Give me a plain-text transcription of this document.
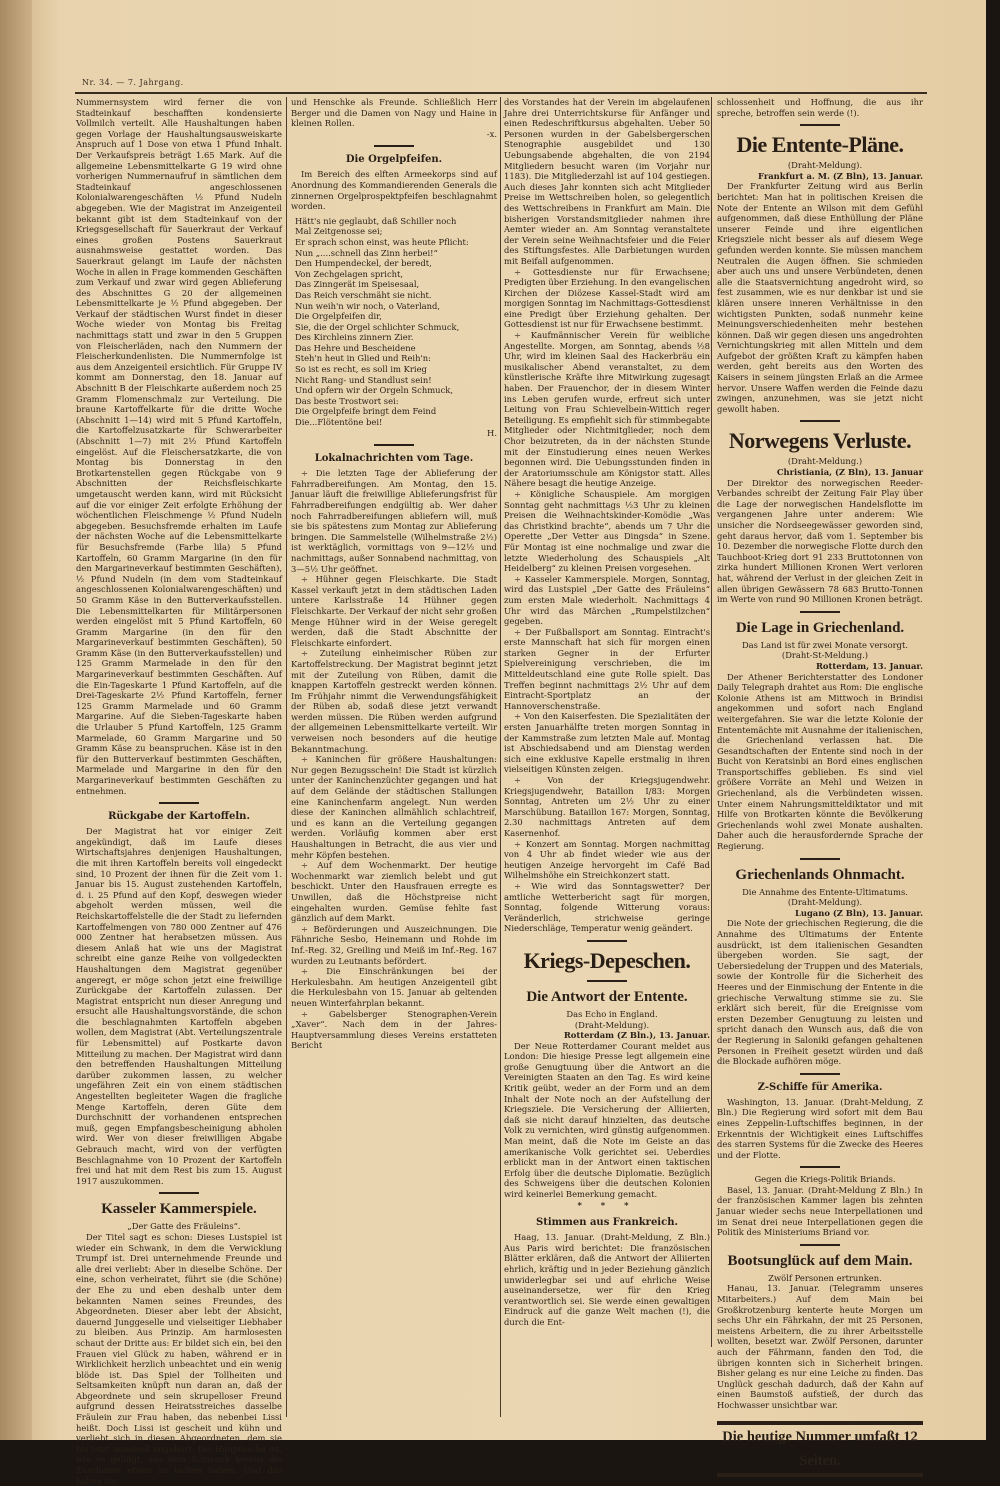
Nr. 34. — 7. Jahrgang.

Nummernsystem wird ferner die von Stadteinkauf beschafften kondensierte Vollmilch verteilt. Alle Haushaltungen haben gegen Vorlage der Haushaltungsausweiskarte Anspruch auf 1 Dose von etwa 1 Pfund Inhalt. Der Verkaufspreis beträgt 1.65 Mark. Auf die allgemeine Lebensmittelkarte G 19 wird ohne vorherigen Nummernaufruf in sämtlichen dem Stadteinkauf angeschlossenen Kolonialwarengeschäften ½ Pfund Nudeln abgegeben. Wie der Magistrat im Anzeigenteil bekannt gibt ist dem Stadteinkauf von der Kriegsgesellschaft für Sauerkraut der Verkauf eines großen Postens Sauerkraut ausnahmsweise gestattet worden. Das Sauerkraut gelangt im Laufe der nächsten Woche in allen in Frage kommenden Geschäften zum Verkauf und zwar wird gegen Ablieferung des Abschnittes G 20 der allgemeinen Lebensmittelkarte je ½ Pfund abgegeben. Der Verkauf der städtischen Wurst findet in dieser Woche wieder von Montag bis Freitag nachmittags statt und zwar in den 5 Gruppen von Fleischerläden, nach den Nummern der Fleischerkundenlisten. Die Nummernfolge ist aus dem Anzeigenteil ersichtlich. Für Gruppe IV kommt am Donnerstag, den 18. Januar auf Abschnitt B der Fleischkarte außerdem noch 25 Gramm Flomenschmalz zur Verteilung. Die braune Kartoffelkarte für die dritte Woche (Abschnitt 1—14) wird mit 5 Pfund Kartoffeln, die Kartoffelzusatzkarte für Schwerarbeiter (Abschnitt 1—7) mit 2½ Pfund Kartoffeln eingelöst. Auf die Fleischersatzkarte, die von Montag bis Donnerstag in den Brotkartenstellen gegen Rückgabe von 9 Abschnitten der Reichsfleischkarte umgetauscht werden kann, wird mit Rücksicht auf die vor einiger Zeit erfolgte Erhöhung der wöchentlichen Fleischmenge ½ Pfund Nudeln abgegeben. Besuchsfremde erhalten im Laufe der nächsten Woche auf die Lebensmittelkarte für Besuchsfremde (Farbe lila) 5 Pfund Kartoffeln, 60 Gramm Margarine (in den für den Margarineverkauf bestimmten Geschäften), ½ Pfund Nudeln (in dem vom Stadteinkauf angeschlossenen Kolonialwarengeschäften) und 50 Gramm Käse in den Butterverkaufsstellen. Die Lebensmittelkarten für Militärpersonen werden eingelöst mit 5 Pfund Kartoffeln, 60 Gramm Margarine (in den für den Margarineverkauf bestimmten Geschäften), 50 Gramm Käse (in den Butterverkaufsstellen) und 125 Gramm Marmelade in den für den Margarineverkauf bestimmten Geschäften. Auf die Ein-Tageskarte 1 Pfund Kartoffeln, auf die Drei-Tageskarte 2½ Pfund Kartoffeln, ferner 125 Gramm Marmelade und 60 Gramm Margarine. Auf die Sieben-Tageskarte haben die Urlauber 5 Pfund Kartoffeln, 125 Gramm Marmelade, 60 Gramm Margarine und 50 Gramm Käse zu beanspruchen. Käse ist in den für den Butterverkauf bestimmten Geschäften, Marmelade und Margarine in den für den Margarineverkauf bestimmten Geschäften zu entnehmen.

Rückgabe der Kartoffeln.

Der Magistrat hat vor einiger Zeit angekündigt, daß im Laufe dieses Wirtschaftsjahres denjenigen Haushaltungen, die mit ihren Kartoffeln bereits voll eingedeckt sind, 10 Prozent der ihnen für die Zeit vom 1. Januar bis 15. August zustehenden Kartoffeln, d. i. 25 Pfund auf den Kopf, deswegen wieder abgeholt werden müssen, weil die Reichskartoffelstelle die der Stadt zu liefernden Kartoffelmengen von 780 000 Zentner auf 476 000 Zentner hat herabsetzen müssen. Aus diesem Anlaß hat wie uns der Magistrat schreibt eine ganze Reihe von vollgedeckten Haushaltungen dem Magistrat gegenüber angeregt, er möge schon jetzt eine freiwillige Zurückgabe der Kartoffeln zulassen. Der Magistrat entspricht nun dieser Anregung und ersucht alle Haushaltungsvorstände, die schon die beschlagnahmten Kartoffeln abgeben wollen, dem Magistrat (Abt. Verteilungszentrale für Lebensmittel) auf Postkarte davon Mitteilung zu machen. Der Magistrat wird dann den betreffenden Haushaltungen Mitteilung darüber zukommen lassen, zu welcher ungefähren Zeit ein von einem städtischen Angestellten begleiteter Wagen die fragliche Menge Kartoffeln, deren Güte dem Durchschnitt der vorhandenen entsprechen muß, gegen Empfangsbescheinigung abholen wird. Wer von dieser freiwilligen Abgabe Gebrauch macht, wird von der verfügten Beschlagnahme von 10 Prozent der Kartoffeln frei und hat mit dem Rest bis zum 15. August 1917 auszukommen.

Kasseler Kammerspiele.

„Der Gatte des Fräuleins“.

Der Titel sagt es schon: Dieses Lustspiel ist wieder ein Schwank, in dem die Verwicklung Trumpf ist. Drei unternehmende Freunde und alle drei verliebt: Aber in dieselbe Schöne. Der eine, schon verheiratet, führt sie (die Schöne) der Ehe zu und eben deshalb unter dem bekannten Namen seines Freundes, des Abgeordneten. Dieser aber lebt der Absicht, dauernd Junggeselle und vielseitiger Liebhaber zu bleiben. Aus Prinzip. Am harmlosesten schaut der Dritte aus: Er bildet sich ein, bei den Frauen viel Glück zu haben, während er in Wirklichkeit herzlich unbeachtet und ein wenig blöde ist. Das Spiel der Tollheiten und Seltsamkeiten knüpft nun daran an, daß der Abgeordnete und sein skrupelloser Freund aufgrund dessen Heiratsstreiches dasselbe Fräulein zur Frau haben, das nebenbei Lissi heißt. Doch Lissi ist gescheit und kühn und verliebt sich in diesen Abgeordneten, dem sie bis jetzt nominell angehört. Die Hauptsache ist, wie es gelingt, aus dem Schwank heraus die Zuschauer etwas zu lachen haben. Und das haben sie.

und Henschke als Freunde. Schließlich Herr Berger und die Damen von Nagy und Haine in kleinen Rollen.

-x.
Die Orgelpfeifen.

Im Bereich des elften Armeekorps sind auf Anordnung des Kommandierenden Generals die zinnernen Orgelprospektpfeifen beschlagnahmt worden.

Hätt's nie geglaubt, daß Schiller noch
Mal Zeitgenosse sei;
Er sprach schon einst, was heute Pflicht:
Nun „....schnell das Zinn herbei!“
Den Humpendeckel, der beredt,
Von Zechgelagen spricht,
Das Zinngerät im Speisesaal,
Das Reich verschmäht sie nicht.
Nun weih'n wir noch, o Vaterland,
Die Orgelpfeifen dir,
Sie, die der Orgel schlichter Schmuck,
Des Kirchleins zinnern Zier.
Das Hehre und Bescheidene
Steh'n heut in Glied und Reih'n:
So ist es recht, es soll im Krieg
Nicht Rang- und Standlust sein!
Und opfern wir der Orgeln Schmuck,
Das beste Trostwort sei:
Die Orgelpfeife bringt dem Feind
Die...Flötentöne bei!
H.
Lokalnachrichten vom Tage.

÷ Die letzten Tage der Ablieferung der Fahrradbereifungen. Am Montag, den 15. Januar läuft die freiwillige Ablieferungsfrist für Fahrradbereifungen endgültig ab. Wer daher noch Fahrradbereifungen abliefern will, muß sie bis spätestens zum Montag zur Ablieferung bringen. Die Sammelstelle (Wilhelmstraße 2½) ist werktäglich, vormittags von 9—12½ und nachmittags, außer Sonnabend nachmittag, von 3—5½ Uhr geöffnet.

÷ Hühner gegen Fleischkarte. Die Stadt Kassel verkauft jetzt in dem städtischen Laden untere Karlsstraße 14 Hühner gegen Fleischkarte. Der Verkauf der nicht sehr großen Menge Hühner wird in der Weise geregelt werden, daß die Stadt Abschnitte der Fleischkarte einfordert.

÷ Zuteilung einheimischer Rüben zur Kartoffelstreckung. Der Magistrat beginnt jetzt mit der Zuteilung von Rüben, damit die knappen Kartoffeln gestreckt werden können. Im Frühjahr nimmt die Verwendungsfähigkeit der Rüben ab, sodaß diese jetzt verwandt werden müssen. Die Rüben werden aufgrund der allgemeinen Lebensmittelkarte verteilt. Wir verweisen noch besonders auf die heutige Bekanntmachung.

÷ Kaninchen für größere Haushaltungen: Nur gegen Bezugsschein! Die Stadt ist kürzlich unter der Kaninchenzüchter gegangen und hat auf dem Gelände der städtischen Stallungen eine Kaninchenfarm angelegt. Nun werden diese der Kaninchen allmählich schlachtreif, und es kann an die Verteilung gegangen werden. Vorläufig kommen aber erst Haushaltungen in Betracht, die aus vier und mehr Köpfen bestehen.

÷ Auf dem Wochenmarkt. Der heutige Wochenmarkt war ziemlich belebt und gut beschickt. Unter den Hausfrauen erregte es Unwillen, daß die Höchstpreise nicht eingehalten wurden. Gemüse fehlte fast gänzlich auf dem Markt.

÷ Beförderungen und Auszeichnungen. Die Fähnriche Sesbo, Heinemann und Rohde im Inf.-Reg. 32, Greiling und Meiß im Inf.-Reg. 167 wurden zu Leutnants befördert.

÷ Die Einschränkungen bei der Herkulesbahn. Am heutigen Anzeigenteil gibt die Herkulesbahn von 15. Januar ab geltenden neuen Winterfahrplan bekannt.

÷ Gabelsberger Stenographen-Verein „Xaver“. Nach dem in der Jahres-Hauptversammlung dieses Vereins erstatteten Bericht

des Vorstandes hat der Verein im abgelaufenen Jahre drei Unterrichtskurse für Anfänger und einen Redeschriftkursus abgehalten. Ueber 50 Personen wurden in der Gabelsbergerschen Stenographie ausgebildet und 130 Uebungsabende abgehalten, die von 2194 Mitgliedern besucht waren (im Vorjahr nur 1183). Die Mitgliederzahl ist auf 104 gestiegen. Auch dieses Jahr konnten sich acht Mitglieder Preise im Wettschreiben holen, so gelegentlich des Wettschreibens in Frankfurt am Main. Die bisherigen Vorstandsmitglieder nahmen ihre Aemter wieder an. Am Sonntag veranstaltete der Verein seine Weihnachtsfeier und die Feier des Stiftungsfestes. Alle Darbietungen wurden mit Beifall aufgenommen.

÷ Gottesdienste nur für Erwachsene; Predigten über Erziehung. In den evangelischen Kirchen der Diözese Kassel-Stadt wird am morgigen Sonntag im Nachmittags-Gottesdienst eine Predigt über Erziehung gehalten. Der Gottesdienst ist nur für Erwachsene bestimmt.

÷ Kaufmännischer Verein für weibliche Angestellte. Morgen, am Sonntag, abends ½8 Uhr, wird im kleinen Saal des Hackerbräu ein musikalischer Abend veranstaltet, zu dem künstlerische Kräfte ihre Mitwirkung zugesagt haben. Der Frauenchor, der in diesem Winter ins Leben gerufen wurde, erfreut sich unter Leitung von Frau Schievelbein-Wittich reger Beteiligung. Es empfiehlt sich für stimmbegabte Mitglieder oder Nichtmitglieder, noch dem Chor beizutreten, da in der nächsten Stunde mit der Einstudierung eines neuen Werkes begonnen wird. Die Uebungsstunden finden in der Aratoriumsschule am Königstor statt. Alles Nähere besagt die heutige Anzeige.

÷ Königliche Schauspiele. Am morgigen Sonntag geht nachmittags ½3 Uhr zu kleinen Preisen die Weihnachtskinder-Komödie „Was das Christkind brachte“, abends um 7 Uhr die Operette „Der Vetter aus Dingsda“ in Szene. Für Montag ist eine nochmalige und zwar die letzte Wiederholung des Schauspiels „Alt Heidelberg“ zu kleinen Preisen vorgesehen.

÷ Kasseler Kammerspiele. Morgen, Sonntag, wird das Lustspiel „Der Gatte des Fräuleins“ zum ersten Male wiederholt. Nachmittags 4 Uhr wird das Märchen „Rumpelstilzchen“ gegeben.

÷ Der Fußballsport am Sonntag. Eintracht's erste Mannschaft hat sich für morgen einen starken Gegner in der Erfurter Spielvereinigung verschrieben, die im Mitteldeutschland eine gute Rolle spielt. Das Treffen beginnt nachmittags 2½ Uhr auf dem Eintracht-Sportplatz an der Hannoverschenstraße.

÷ Von den Kaiserfesten. Die Spezialitäten der ersten Januarhälfte treten morgen Sonntag in der Kammstraße zum letzten Male auf. Montag ist Abschiedsabend und am Dienstag werden sich eine exklusive Kapelle erstmalig in ihren vielseitigen Künsten zeigen.

÷ Von der Kriegsjugendwehr. Kriegsjugendwehr, Bataillon I/83: Morgen Sonntag, Antreten um 2½ Uhr zu einer Marschübung. Bataillon 167: Morgen, Sonntag, 2.30 nachmittags Antreten auf dem Kasernenhof.

÷ Konzert am Sonntag. Morgen nachmittag von 4 Uhr ab findet wieder wie aus der heutigen Anzeige hervorgeht im Café Bad Wilhelmshöhe ein Streichkonzert statt.

÷ Wie wird das Sonntagswetter? Der amtliche Wetterbericht sagt für morgen, Sonntag, folgende Witterung voraus: Veränderlich, strichweise geringe Niederschläge, Temperatur wenig geändert.

Kriegs-Depeschen.
Die Antwort der Entente.

Das Echo in England.

(Draht-Meldung).

Rotterdam (Z Bln.), 13. Januar.

Der Neue Rotterdamer Courant meldet aus London: Die hiesige Presse legt allgemein eine große Genugtuung über die Antwort an die Vereinigten Staaten an den Tag. Es wird keine Kritik geübt, weder an der Form und an dem Inhalt der Note noch an der Aufstellung der Kriegsziele. Die Versicherung der Alliierten, daß sie nicht darauf hinzielten, das deutsche Volk zu vernichten, wird günstig aufgenommen. Man meint, daß die Note im Geiste an das amerikanische Volk gerichtet sei. Ueberdies erblickt man in der Antwort einen taktischen Erfolg über die deutsche Diplomatie. Bezüglich des Schweigens über die deutschen Kolonien wird keinerlei Bemerkung gemacht.

* * *
Stimmen aus Frankreich.

Haag, 13. Januar. (Draht-Meldung, Z Bln.) Aus Paris wird berichtet: Die französischen Blätter erklären, daß die Antwort der Alliierten ehrlich, kräftig und in jeder Beziehung gänzlich unwiderlegbar sei und auf ehrliche Weise auseinandersetze, wer für den Krieg verantwortlich sei. Sie werde einen gewaltigen Eindruck auf die ganze Welt machen (!), die durch die Ent-

schlossenheit und Hoffnung, die aus ihr spreche, betroffen sein werde (!).

Die Entente-Pläne.

(Draht-Meldung).

Frankfurt a. M. (Z Bln), 13. Januar.

Der Frankfurter Zeitung wird aus Berlin berichtet: Man hat in politischen Kreisen die Note der Entente an Wilson mit dem Gefühl aufgenommen, daß diese Enthüllung der Pläne unserer Feinde und ihre eigentlichen Kriegsziele nicht besser als auf diesem Wege gefunden werden konnte. Sie müssen manchem Neutralen die Augen öffnen. Sie schmieden aber auch uns und unsere Verbündeten, denen alle die Staatsvernichtung angedroht wird, so fest zusammen, wie es nur denkbar ist und sie klären unsere inneren Verhältnisse in den wichtigsten Punkten, sodaß nunmehr keine Meinungsverschiedenheiten mehr bestehen können. Daß wir gegen diesen uns angedrohten Vernichtungskrieg mit allen Mitteln und dem Aufgebot der größten Kraft zu kämpfen haben werden, geht bereits aus den Worten des Kaisers in seinem jüngsten Erlaß an die Armee hervor. Unsere Waffen werden die Feinde dazu zwingen, anzunehmen, was sie jetzt nicht gewollt haben.

Norwegens Verluste.

(Draht-Meldung.)

Christiania, (Z Bln), 13. Januar

Der Direktor des norwegischen Reeder-Verbandes schreibt der Zeitung Fair Play über die Lage der norwegischen Handelsflotte im vergangenen Jahre unter anderem: Wie unsicher die Nordseegewässer geworden sind, geht daraus hervor, daß vom 1. September bis 10. Dezember die norwegische Flotte durch den Tauchboot-Krieg dort 91 233 Bruttotonnen von zirka hundert Millionen Kronen Wert verloren hat, während der Verlust in der gleichen Zeit in allen übrigen Gewässern 78 683 Brutto-Tonnen im Werte von rund 90 Millionen Kronen beträgt.

Die Lage in Griechenland.

Das Land ist für zwei Monate versorgt.

(Draht-St-Meldung.)

Rotterdam, 13. Januar.

Der Athener Berichterstatter des Londoner Daily Telegraph drahtet aus Rom: Die englische Kolonie Athens ist am Mittwoch in Brindisi angekommen und sofort nach England weitergefahren. Sie war die letzte Kolonie der Ententemächte mit Ausnahme der italienischen, die Griechenland verlassen hat. Die Gesandtschaften der Entente sind noch in der Bucht von Keratsinbi an Bord eines englischen Transportschiffes geblieben. Es sind viel größere Vorräte an Mehl und Weizen in Griechenland, als die Verbündeten wissen. Unter einem Nahrungsmitteldiktator und mit Hilfe von Brotkarten könnte die Bevölkerung Griechenlands wohl zwei Monate aushalten. Daher auch die herausfordernde Sprache der Regierung.

Griechenlands Ohnmacht.

Die Annahme des Entente-Ultimatums.

(Draht-Meldung).

Lugano (Z Bln), 13. Januar.

Die Note der griechischen Regierung, die die Annahme des Ultimatums der Entente ausdrückt, ist dem italienischen Gesandten übergeben worden. Sie sagt, der Uebersiedelung der Truppen und des Materials, sowie der Kontrolle für die Sicherheit des Heeres und der Einmischung der Entente in die griechische Verwaltung stimme sie zu. Sie erklärt sich bereit, für die Ereignisse vom ersten Dezember Genugtuung zu leisten und spricht danach den Wunsch aus, daß die von der Regierung in Saloniki gefangen gehaltenen Personen in Freiheit gesetzt würden und daß die Blockade aufhören möge.

Z-Schiffe für Amerika.

Washington, 13. Januar. (Draht-Meldung, Z Bln.) Die Regierung wird sofort mit dem Bau eines Zeppelin-Luftschiffes beginnen, in der Erkenntnis der Wichtigkeit eines Luftschiffes des starren Systems für die Zwecke des Heeres und der Flotte.

Gegen die Kriegs-Politik Briands.

Basel, 13. Januar. (Draht-Meldung Z Bln.) In der französischen Kammer lagen bis zehnten Januar wieder sechs neue Interpellationen und im Senat drei neue Interpellationen gegen die Politik des Ministeriums Briand vor.

Bootsunglück auf dem Main.

Zwölf Personen ertrunken.

Hanau, 13. Januar. (Telegramm unseres Mitarbeiters.) Auf dem Main bei Großkrotzenburg kenterte heute Morgen um sechs Uhr ein Fährkahn, der mit 25 Personen, meistens Arbeitern, die zu ihrer Arbeitsstelle wollten, besetzt war. Zwölf Personen, darunter auch der Fährmann, fanden den Tod, die übrigen konnten sich in Sicherheit bringen. Bisher gelang es nur eine Leiche zu finden. Das Unglück geschah dadurch, daß der Kahn auf einen Baumstoß aufstieß, der durch das Hochwasser unsichtbar war.

Die heutige Nummer umfaßt 12 Seiten.
